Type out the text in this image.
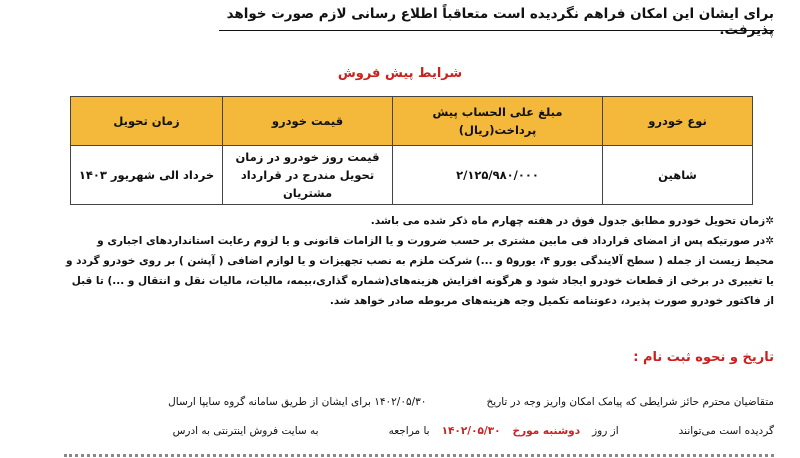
برای ایشان این امکان فراهم نگردیده است متعاقباً اطلاع رسانی لازم صورت خواهد پذیرفت.
شرایط پیش فروش
نوع خودرو	مبلغ علی الحساب پیش پرداخت(ریال)	قیمت خودرو	زمان تحویل
شاهین	۲/۱۲۵/۹۸۰/۰۰۰	قیمت روز خودرو در زمان تحویل مندرج در قرارداد مشتریان	خرداد الی شهریور ۱۴۰۳

✲زمان تحویل خودرو مطابق جدول فوق در هفته چهارم ماه ذکر شده می باشد.

✲در صورتیکه پس از امضای قرارداد فی مابین مشتری بر حسب ضرورت و یا الزامات قانونی و یا لزوم رعایت استانداردهای اجباری و محیط زیست از جمله ( سطح آلایندگی یورو ۴، یورو۵ و ...) شرکت ملزم به نصب تجهیزات و یا لوازم اضافی ( آپشن ) بر روی خودرو گردد و یا تغییری در برخی از قطعات خودرو ایجاد شود و هرگونه افزایش هزینه‌های(شماره گذاری،بیمه، مالیات، مالیات نقل و انتقال و ...) تا قبل از فاکتور خودرو صورت پذیرد، دعوتنامه تکمیل وجه هزینه‌های مربوطه صادر خواهد شد.

تاریخ و نحوه ثبت نام :
متقاضیان محترم حائز شرایطی که پیامک امکان واریز وجه در تاریخ۱۴۰۲/۰۵/۳۰ برای ایشان از طریق سامانه گروه سایپا ارسال
گردیده است می‌تواننداز روزدوشنبه مورخ۱۴۰۲/۰۵/۳۰با مراجعهبه سایت فروش اینترنتی به ادرس
